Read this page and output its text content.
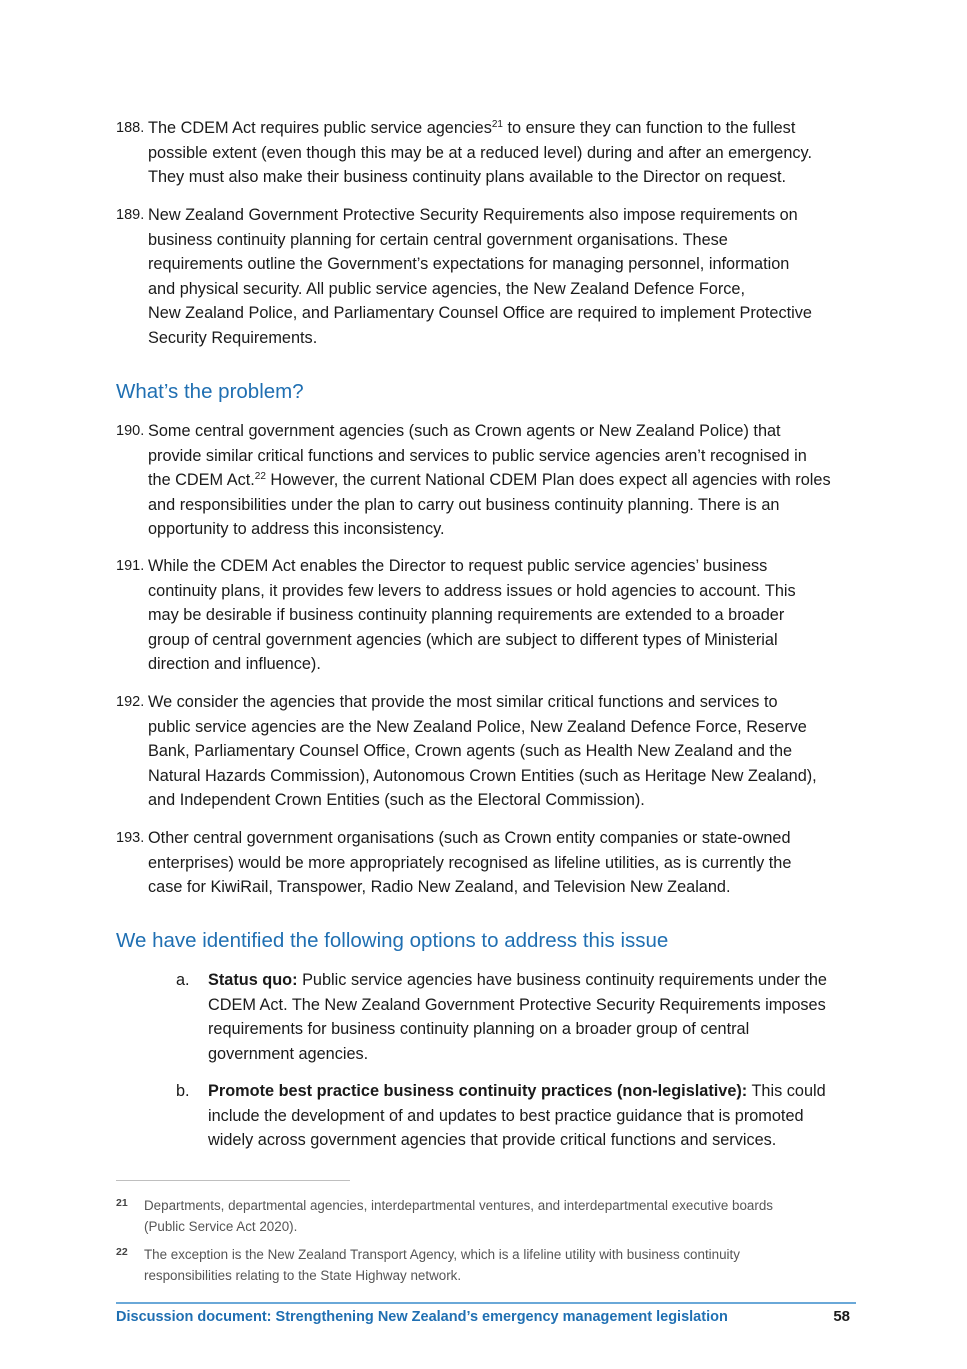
188. The CDEM Act requires public service agencies$^{21}$ to ensure they can function to the fullest
possible extent (even though this may be at a reduced level) during and after an emergency.
They must also make their business continuity plans available to the Director on request.
189. New Zealand Government Protective Security Requirements also impose requirements on
business continuity planning for certain central government organisations. These
requirements outline the Government’s expectations for managing personnel, information
and physical security. All public service agencies, the New Zealand Defence Force,
New Zealand Police, and Parliamentary Counsel Office are required to implement Protective
Security Requirements.
What’s the problem?
190. Some central government agencies (such as Crown agents or New Zealand Police) that
provide similar critical functions and services to public service agencies aren’t recognised in
the CDEM Act.$^{22}$ However, the current National CDEM Plan does expect all agencies with roles
and responsibilities under the plan to carry out business continuity planning. There is an
opportunity to address this inconsistency.
191. While the CDEM Act enables the Director to request public service agencies’ business
continuity plans, it provides few levers to address issues or hold agencies to account. This
may be desirable if business continuity planning requirements are extended to a broader
group of central government agencies (which are subject to different types of Ministerial
direction and influence).
192. We consider the agencies that provide the most similar critical functions and services to
public service agencies are the New Zealand Police, New Zealand Defence Force, Reserve
Bank, Parliamentary Counsel Office, Crown agents (such as Health New Zealand and the
Natural Hazards Commission), Autonomous Crown Entities (such as Heritage New Zealand),
and Independent Crown Entities (such as the Electoral Commission).
193. Other central government organisations (such as Crown entity companies or state-owned
enterprises) would be more appropriately recognised as lifeline utilities, as is currently the
case for KiwiRail, Transpower, Radio New Zealand, and Television New Zealand.
We have identified the following options to address this issue
a. Status quo: Public service agencies have business continuity requirements under the
CDEM Act. The New Zealand Government Protective Security Requirements imposes
requirements for business continuity planning on a broader group of central
government agencies.
b. Promote best practice business continuity practices (non-legislative): This could
include the development of and updates to best practice guidance that is promoted
widely across government agencies that provide critical functions and services.
21 Departments, departmental agencies, interdepartmental ventures, and interdepartmental executive boards
(Public Service Act 2020).
22 The exception is the New Zealand Transport Agency, which is a lifeline utility with business continuity
responsibilities relating to the State Highway network.
Discussion document: Strengthening New Zealand’s emergency management legislation	58
